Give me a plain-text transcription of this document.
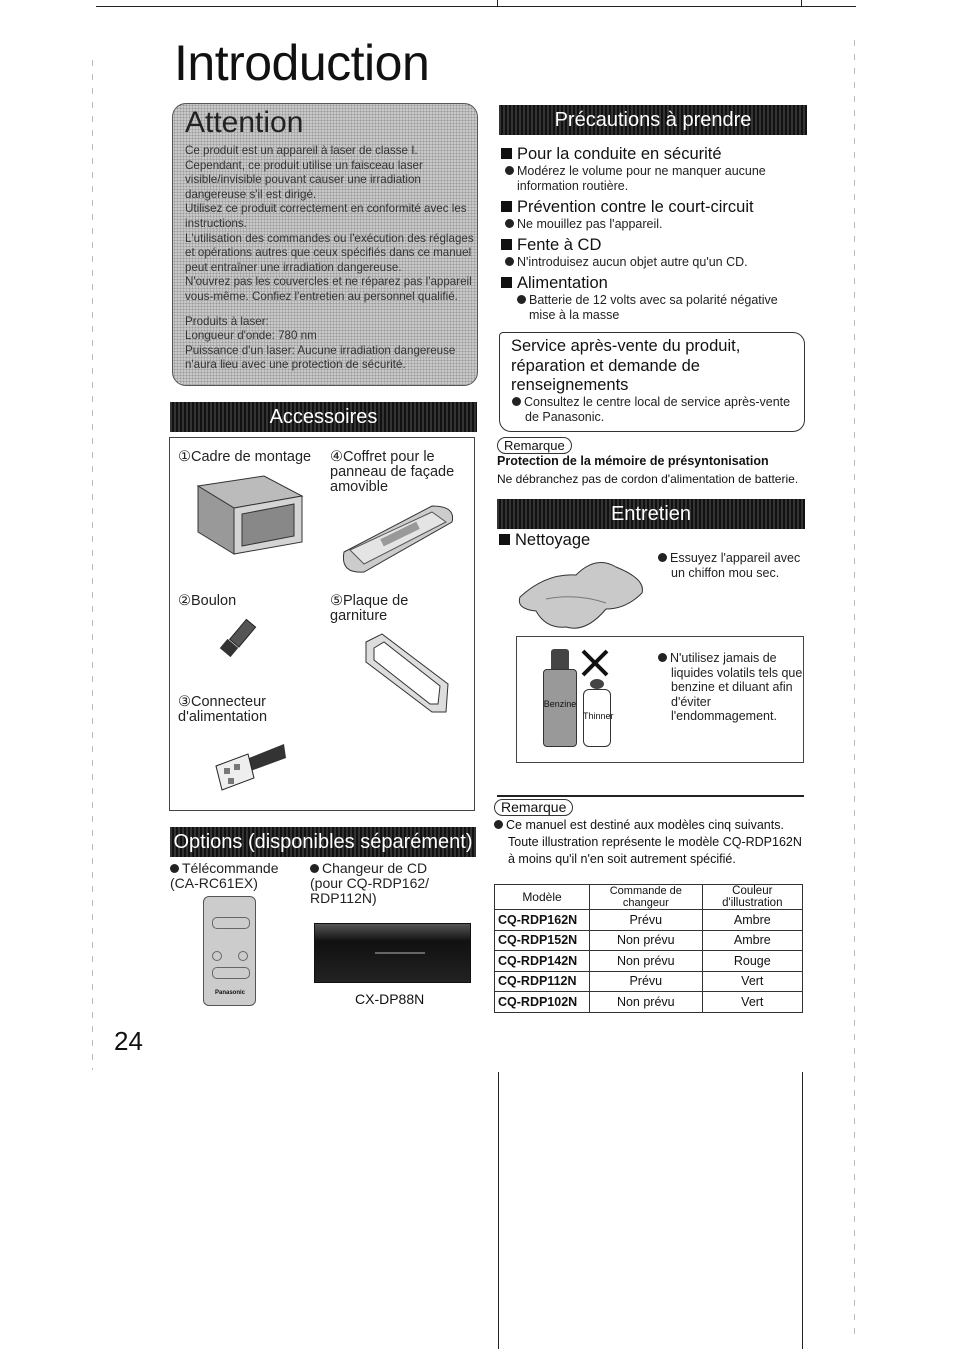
Introduction
Attention

Ce produit est un appareil à laser de classe I. Cependant, ce produit utilise un faisceau laser visible/invisible pouvant causer une irradiation dangereuse s'il est dirigé.

Utilisez ce produit correctement en conformité avec les instructions.

L'utilisation des commandes ou l'exécution des réglages et opérations autres que ceux spécifiés dans ce manuel peut entraîner une irradiation dangereuse.

N'ouvrez pas les couvercles et ne réparez pas l'appareil vous-même. Confiez l'entretien au personnel qualifié.

Produits à laser:

Longueur d'onde: 780 nm

Puissance d'un laser: Aucune irradiation dangereuse n'aura lieu avec une protection de sécurité.

Accessoires
①Cadre de montage	④Coffret pour le panneau de façade amovible
②Boulon	⑤Plaque de garniture
③Connecteur d'alimentation
Options (disponibles séparément)
Télécommande (CA-RC61EX)
Changeur de CD (pour CQ-RDP162/ RDP112N)
Panasonic	CX-DP88N
Précautions à prendre
Pour la conduite en sécurité
Modérez le volume pour ne manquer aucune information routière.
Prévention contre le court-circuit
Ne mouillez pas l'appareil.
Fente à CD
N'introduisez aucun objet autre qu'un CD.
Alimentation
Batterie de 12 volts avec sa polarité négative mise à la masse
Service après-vente du produit, réparation et demande de renseignements
Consultez le centre local de service après-vente de Panasonic.
Remarque
Protection de la mémoire de présyntonisation
Ne débranchez pas de cordon d'alimentation de batterie.
Entretien
Nettoyage
Essuyez l'appareil avec un chiffon mou sec.
Benzine
Thinner
N'utilisez jamais de liquides volatils tels que benzine et diluant afin d'éviter l'endommagement.
Remarque
Ce manuel est destiné aux modèles cinq suivants.
Toute illustration représente le modèle CQ-RDP162N
à moins qu'il n'en soit autrement spécifié.
Modèle	Commande de changeur	Couleur d'illustration
CQ-RDP162N	Prévu	Ambre
CQ-RDP152N	Non prévu	Ambre
CQ-RDP142N	Non prévu	Rouge
CQ-RDP112N	Prévu	Vert
CQ-RDP102N	Non prévu	Vert
24
